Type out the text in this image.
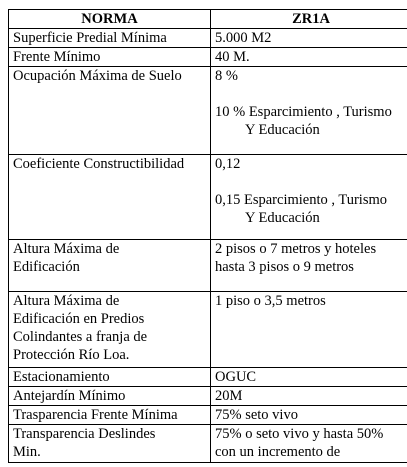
NORMA	ZR1A
Superficie Predial Mínima	5.000 M2
Frente Mínimo	40 M.
Ocupación Máxima de Suelo	8 %
10 % Esparcimiento , Turismo
Y Educación

Coeficiente Constructibilidad	0,12
0,15 Esparcimiento , Turismo
Y Educación

Altura Máxima de
Edificación	2 pisos o 7 metros y hoteles
hasta 3 pisos o 9 metros

Altura Máxima de
Edificación en Predios
Colindantes a franja de
Protección Río Loa.	1 piso o 3,5 metros
Estacionamiento	OGUC
Antejardín Mínimo	20M
Trasparencia Frente Mínima	75% seto vivo

Transparencia Deslindes
Min.	75% o seto vivo y hasta 50%
con un incremento de
